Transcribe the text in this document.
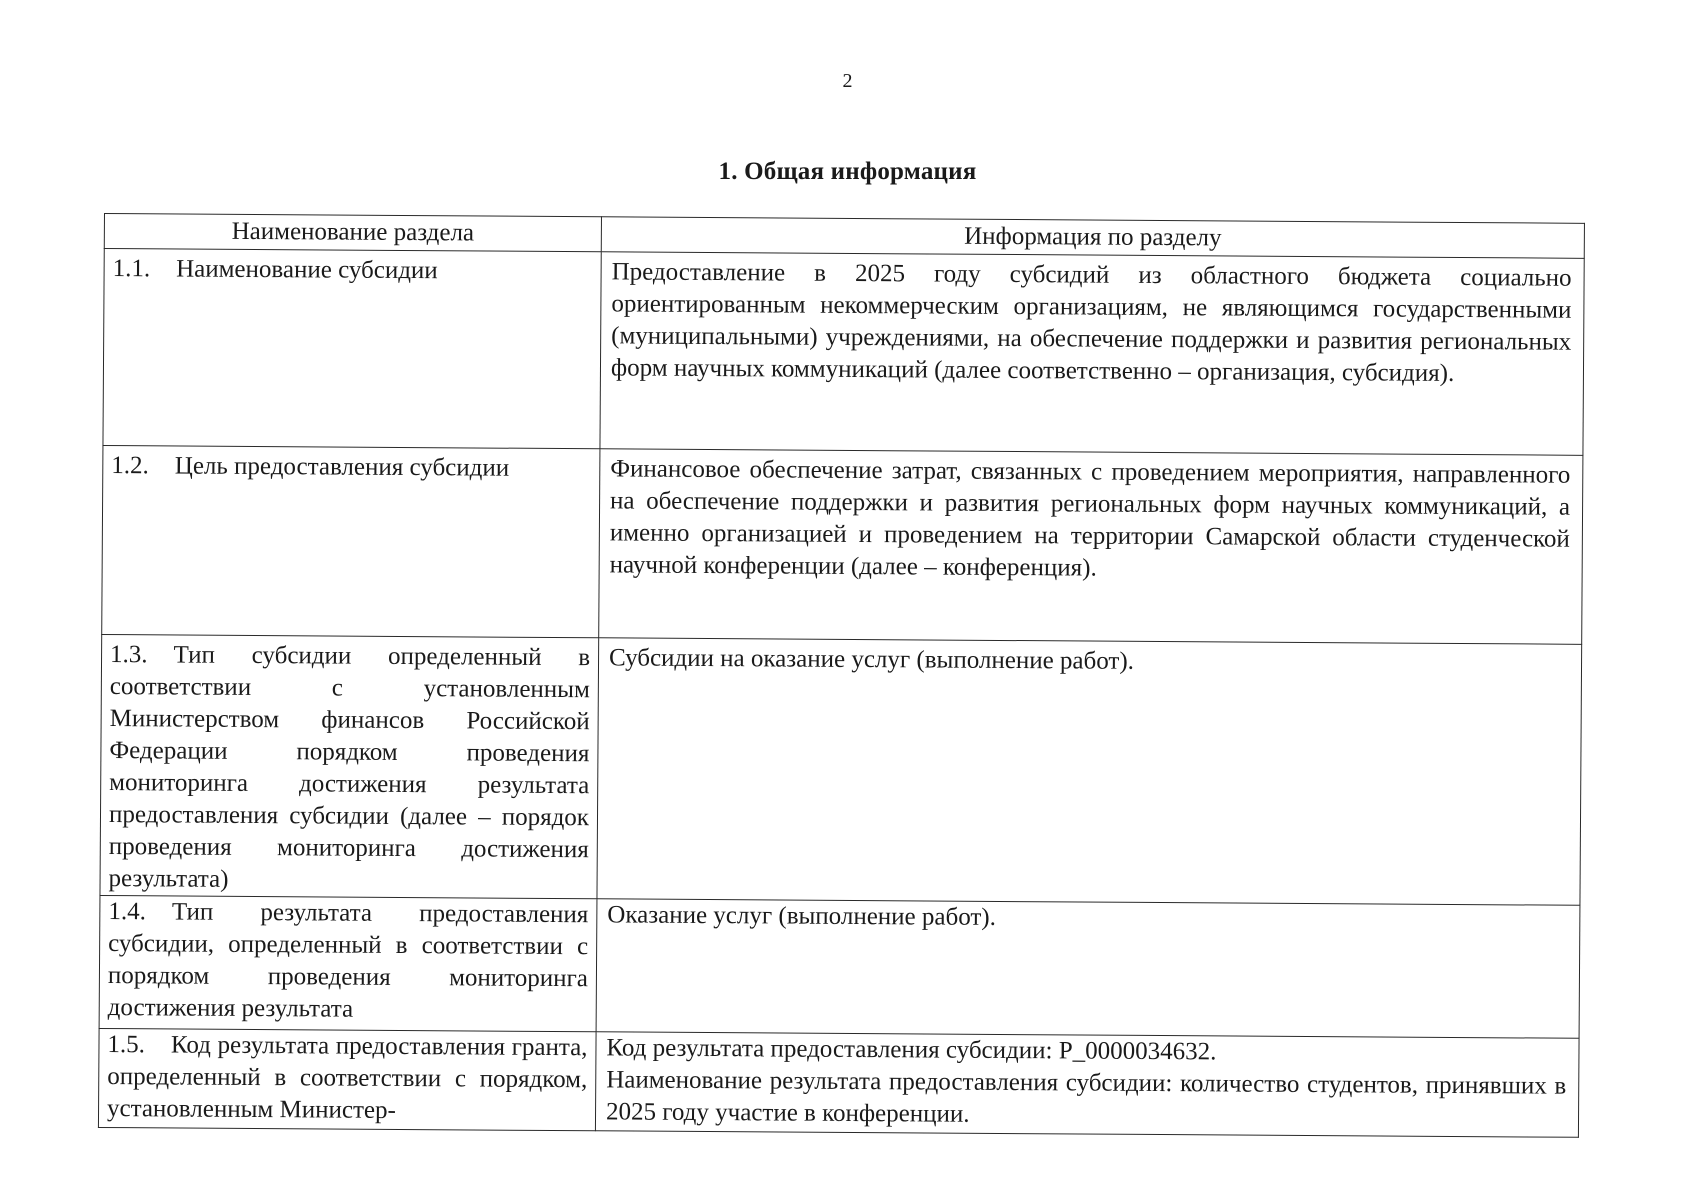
2
1. Общая информация
Наименование раздела	Информация по разделу
1.1. Наименование субсидии	Предоставление в 2025 году субсидий из областного бюджета социально ориентированным некоммерческим организациям, не являющимся государственными (муниципальными) учреждениями, на обеспечение поддержки и развития региональных форм научных коммуникаций (далее соответственно – организация, субсидия).
1.2. Цель предоставления субсидии	Финансовое обеспечение затрат, связанных с проведением мероприятия, направленного на обеспечение поддержки и развития региональных форм научных коммуникаций, а именно организацией и проведением на территории Самарской области студенческой научной конференции (далее – конференция).
1.3. Тип субсидии определенный в соответствии с установленным Министерством финансов Российской Федерации порядком проведения мониторинга достижения результата предоставления субсидии (далее – порядок проведения мониторинга достижения результата)	Субсидии на оказание услуг (выполнение работ).
1.4. Тип результата предоставления субсидии, определенный в соответствии с порядком проведения мониторинга достижения результата	Оказание услуг (выполнение работ).
1.5. Код результата предоставления гранта, определенный в соответствии с порядком, установленным Министер-	Код результата предоставления субсидии: P_0000034632.
Наименование результата предоставления субсидии: количество студентов, принявших в 2025 году участие в конференции.
